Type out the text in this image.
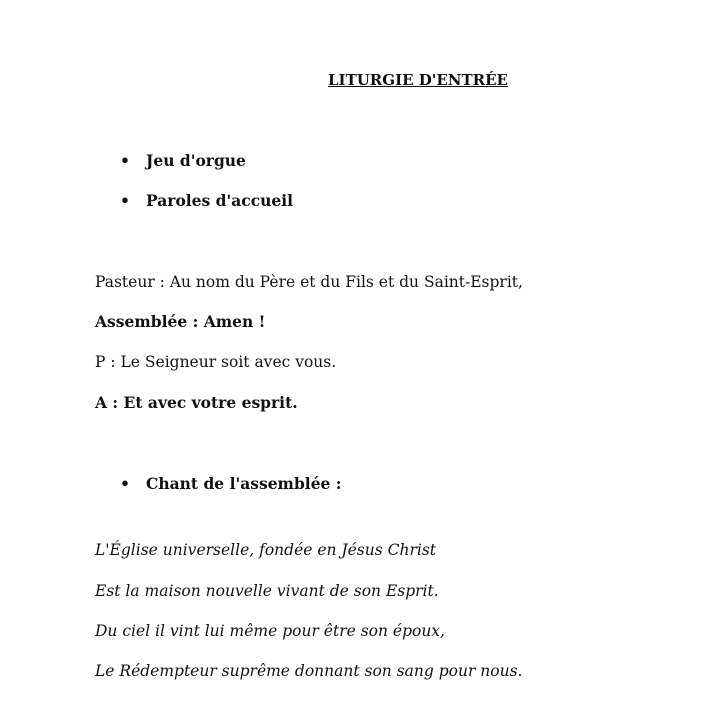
LITURGIE D'ENTRÉE
• Jeu d'orgue
• Paroles d'accueil
Pasteur : Au nom du Père et du Fils et du Saint-Esprit,
Assemblée : Amen !
P : Le Seigneur soit avec vous.
A : Et avec votre esprit.
• Chant de l'assemblée :
L'Église universelle, fondée en Jésus Christ
Est la maison nouvelle vivant de son Esprit.
Du ciel il vint lui même pour être son époux,
Le Rédempteur suprême donnant son sang pour nous.
